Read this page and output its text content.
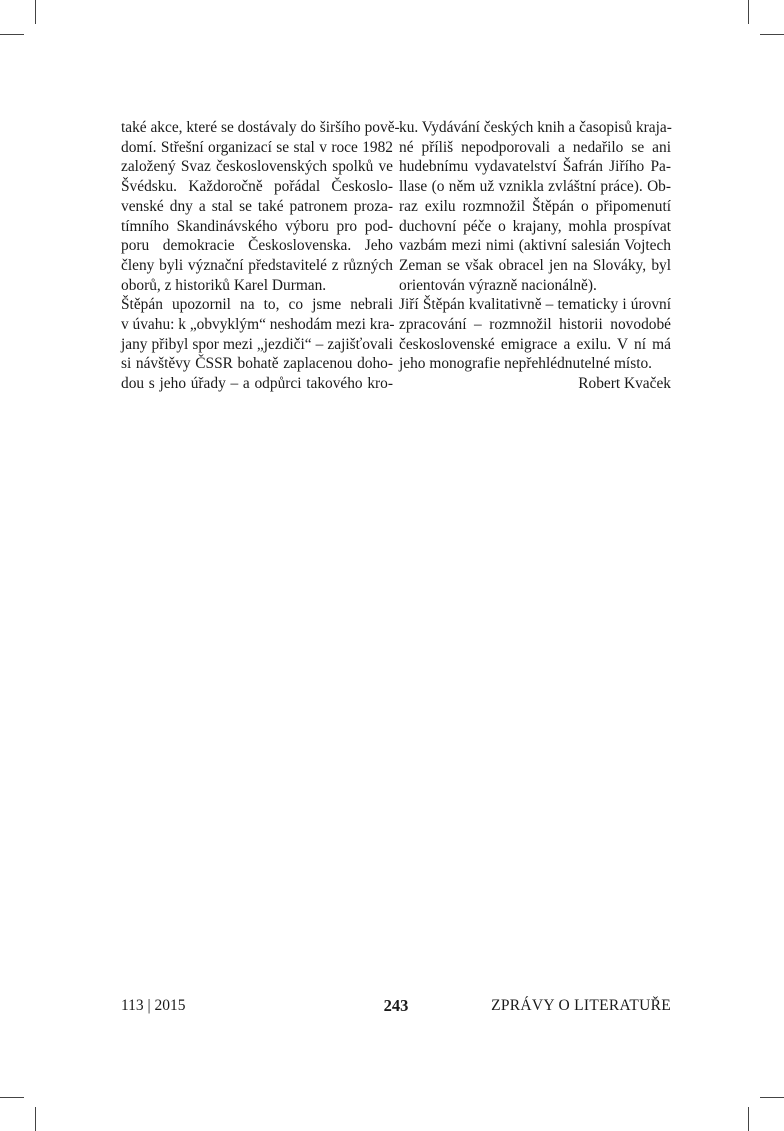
také akce, které se dostávaly do širšího pově-
domí. Střešní organizací se stal v roce 1982
založený Svaz československých spolků ve
Švédsku. Každoročně pořádal Českoslo-
venské dny a stal se také patronem proza-
tímního Skandinávského výboru pro pod-
poru demokracie Československa. Jeho
členy byli význační představitelé z různých
oborů, z historiků Karel Durman.

Štěpán upozornil na to, co jsme nebrali
v úvahu: k „obvyklým“ neshodám mezi kra-
jany přibyl spor mezi „jezdiči“ – zajišťovali
si návštěvy ČSSR bohatě zaplacenou doho-
dou s jeho úřady – a odpůrci takového kro-

ku. Vydávání českých knih a časopisů kraja-
né příliš nepodporovali a nedařilo se ani
hudebnímu vydavatelství Šafrán Jiřího Pa-
llase (o něm už vznikla zvláštní práce). Ob-
raz exilu rozmnožil Štěpán o připomenutí
duchovní péče o krajany, mohla prospívat
vazbám mezi nimi (aktivní salesián Vojtech
Zeman se však obracel jen na Slováky, byl
orientován výrazně nacionálně).

Jiří Štěpán kvalitativně – tematicky i úrovní
zpracování – rozmnožil historii novodobé
československé emigrace a exilu. V ní má
jeho monografie nepřehlédnutelné místo.

Robert Kvaček
113 | 2015	243	ZPRÁVY O LITERATUŘE
